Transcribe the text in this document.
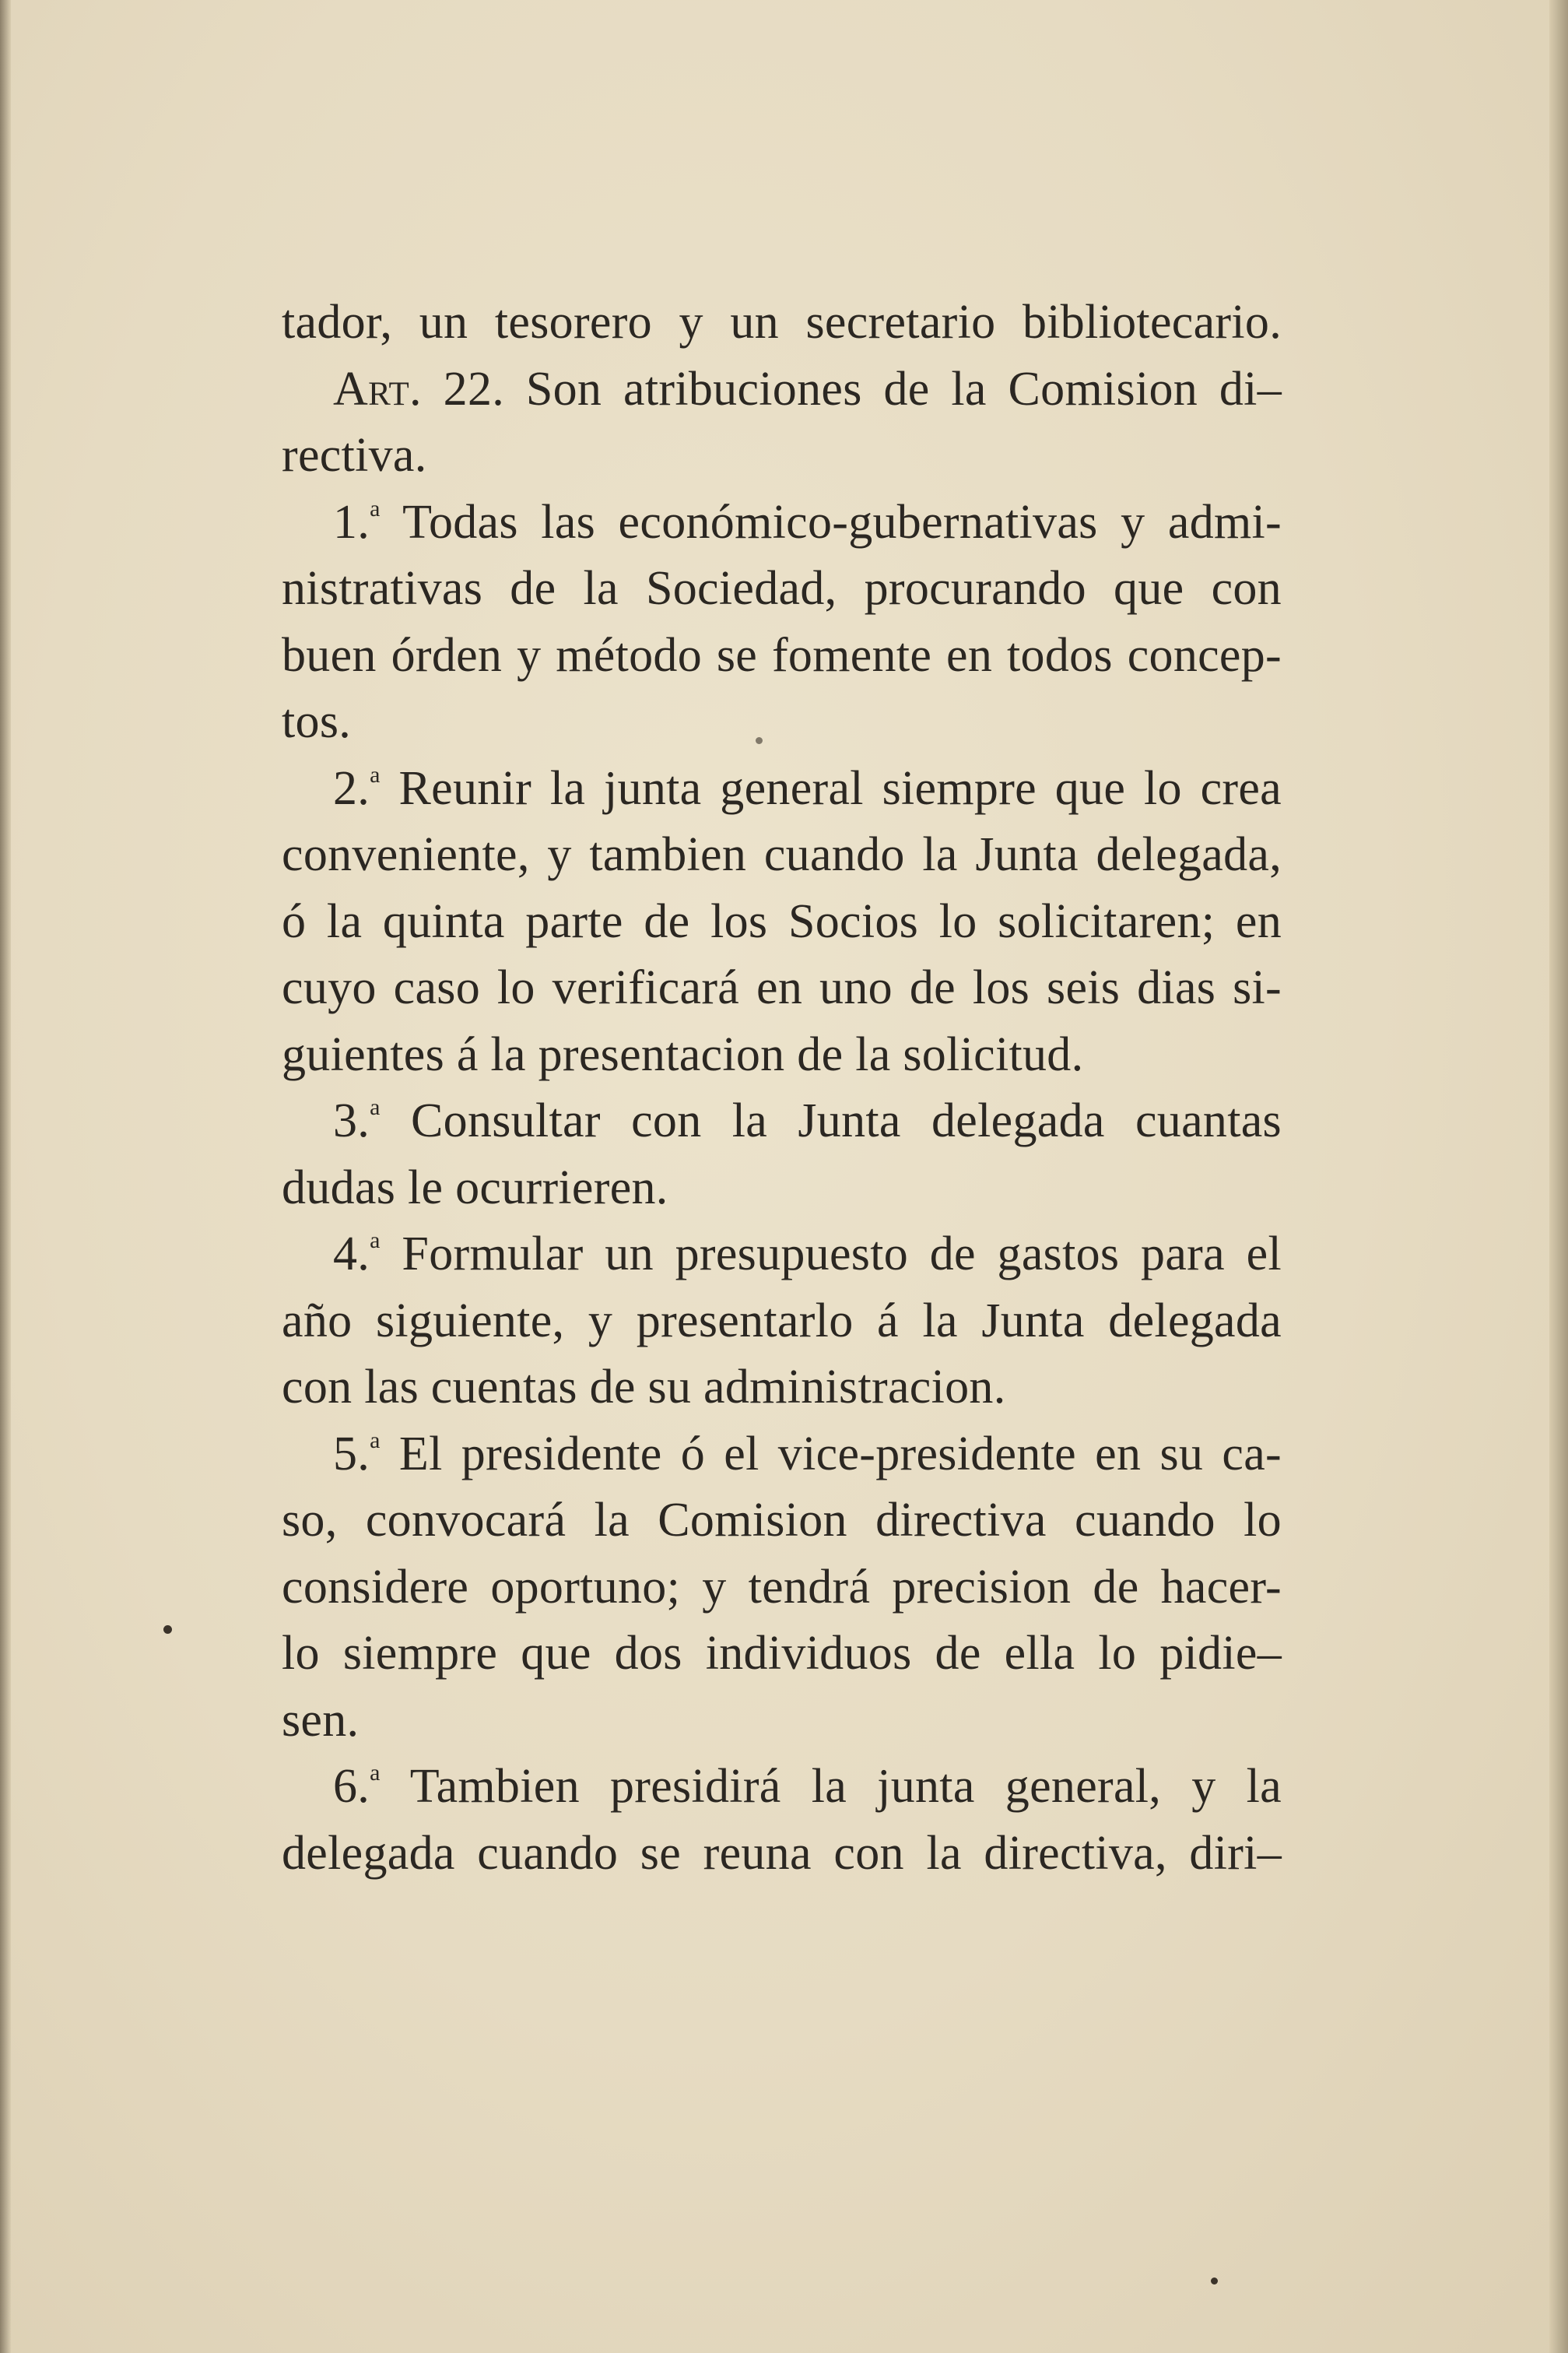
tador, un tesorero y un secretario bibliotecario.
Art. 22. Son atribuciones de la Comision di–
rectiva.
1.$^a$ Todas las económico-gubernativas y admi-
nistrativas de la Sociedad, procurando que con
buen órden y método se fomente en todos concep-
tos.
2.$^a$ Reunir la junta general siempre que lo crea
conveniente, y tambien cuando la Junta delegada,
ó la quinta parte de los Socios lo solicitaren; en
cuyo caso lo verificará en uno de los seis dias si-
guientes á la presentacion de la solicitud.
3.$^a$ Consultar con la Junta delegada cuantas
dudas le ocurrieren.
4.$^a$ Formular un presupuesto de gastos para el
año siguiente, y presentarlo á la Junta delegada
con las cuentas de su administracion.
5.$^a$ El presidente ó el vice-presidente en su ca-
so, convocará la Comision directiva cuando lo
considere oportuno; y tendrá precision de hacer-
lo siempre que dos individuos de ella lo pidie–
sen.
6.$^a$ Tambien presidirá la junta general, y la
delegada cuando se reuna con la directiva, diri–
